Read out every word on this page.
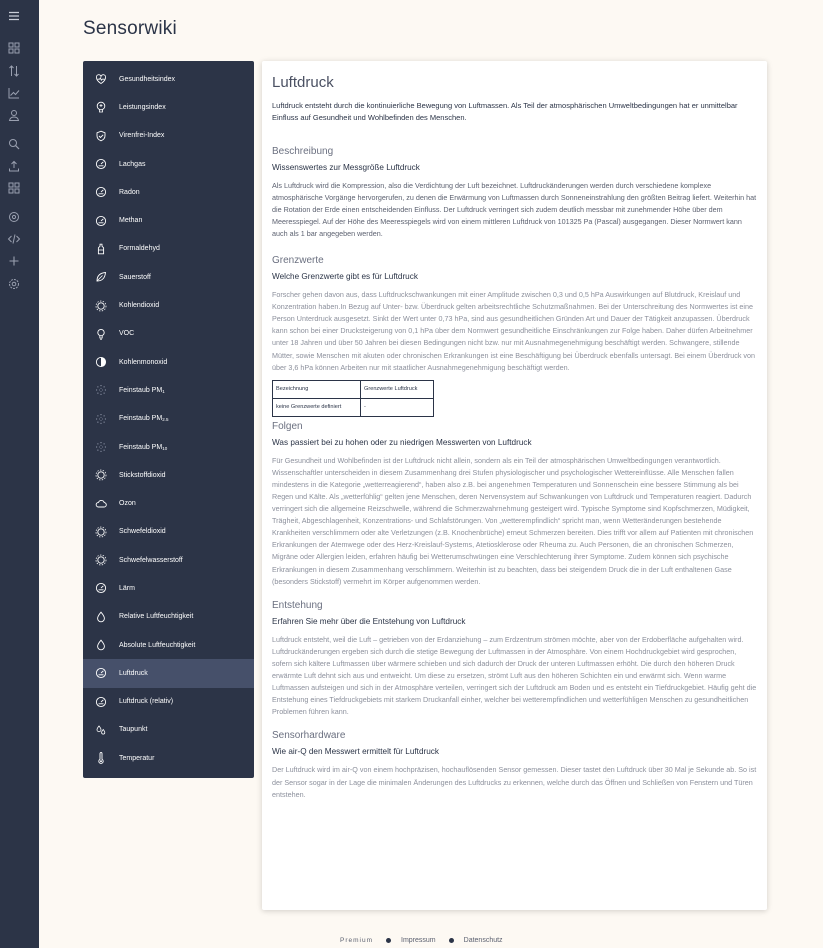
Sensorwiki
Gesundheitsindex
Leistungsindex
Virenfrei-Index
Lachgas
Radon
Methan
Formaldehyd
Sauerstoff
Kohlendioxid
VOC
Kohlenmonoxid
Feinstaub $PM_1$
Feinstaub $PM_{2.5}$
Feinstaub $PM_{10}$
Stickstoffdioxid
Ozon
Schwefeldioxid
Schwefelwasserstoff
Lärm
Relative Luftfeuchtigkeit
Absolute Luftfeuchtigkeit
Luftdruck
Luftdruck (relativ)
Taupunkt
Temperatur
Luftdruck

Luftdruck entsteht durch die kontinuierliche Bewegung von Luftmassen. Als Teil der atmosphärischen Umweltbedingungen hat er unmittelbar Einfluss auf Gesundheit und Wohlbefinden des Menschen.

Beschreibung
Wissenswertes zur Messgröße Luftdruck

Als Luftdruck wird die Kompression, also die Verdichtung der Luft bezeichnet. Luftdruckänderungen werden durch verschiedene komplexe atmosphärische Vorgänge hervorgerufen, zu denen die Erwärmung von Luftmassen durch Sonneneinstrahlung den größten Beitrag liefert. Weiterhin hat die Rotation der Erde einen entscheidenden Einfluss. Der Luftdruck verringert sich zudem deutlich messbar mit zunehmender Höhe über dem Meeresspiegel. Auf der Höhe des Meeresspiegels wird von einem mittleren Luftdruck von 101325 Pa (Pascal) ausgegangen. Dieser Normwert kann auch als 1 bar angegeben werden.

Grenzwerte
Welche Grenzwerte gibt es für Luftdruck

Forscher gehen davon aus, dass Luftdruckschwankungen mit einer Amplitude zwischen 0,3 und 0,5 hPa Auswirkungen auf Blutdruck, Kreislauf und Konzentration haben.In Bezug auf Unter- bzw. Überdruck gelten arbeitsrechtliche Schutzmaßnahmen. Bei der Unterschreitung des Normwertes ist eine Person Unterdruck ausgesetzt. Sinkt der Wert unter 0,73 hPa, sind aus gesundheitlichen Gründen Art und Dauer der Tätigkeit anzupassen. Überdruck kann schon bei einer Drucksteigerung von 0,1 hPa über dem Normwert gesundheitliche Einschränkungen zur Folge haben. Daher dürfen Arbeitnehmer unter 18 Jahren und über 50 Jahren bei diesen Bedingungen nicht bzw. nur mit Ausnahmegenehmigung beschäftigt werden. Schwangere, stillende Mütter, sowie Menschen mit akuten oder chronischen Erkrankungen ist eine Beschäftigung bei Überdruck ebenfalls untersagt. Bei einem Überdruck von über 3,6 hPa können Arbeiten nur mit staatlicher Ausnahmegenehmigung beschäftigt werden.

Bezeichnung	Grenzwerte Luftdruck
keine Grenzwerte definiert	-
Folgen
Was passiert bei zu hohen oder zu niedrigen Messwerten von Luftdruck

Für Gesundheit und Wohlbefinden ist der Luftdruck nicht allein, sondern als ein Teil der atmosphärischen Umweltbedingungen verantwortlich. Wissenschaftler unterscheiden in diesem Zusammenhang drei Stufen physiologischer und psychologischer Wettereinflüsse. Alle Menschen fallen mindestens in die Kategorie „wetterreagierend“, haben also z.B. bei angenehmen Temperaturen und Sonnenschein eine bessere Stimmung als bei Regen und Kälte. Als „wetterfühlig“ gelten jene Menschen, deren Nervensystem auf Schwankungen von Luftdruck und Temperaturen reagiert. Dadurch verringert sich die allgemeine Reizschwelle, während die Schmerzwahrnehmung gesteigert wird. Typische Symptome sind Kopfschmerzen, Müdigkeit, Trägheit, Abgeschlagenheit, Konzentrations- und Schlafstörungen. Von „wetterempfindlich“ spricht man, wenn Wetteränderungen bestehende Krankheiten verschlimmern oder alte Verletzungen (z.B. Knochenbrüche) erneut Schmerzen bereiten. Dies trifft vor allem auf Patienten mit chronischen Erkrankungen der Atemwege oder des Herz-Kreislauf-Systems, Atetiosklerose oder Rheuma zu. Auch Personen, die an chronischen Schmerzen, Migräne oder Allergien leiden, erfahren häufig bei Wetterumschwüngen eine Verschlechterung ihrer Symptome. Zudem können sich psychische Erkrankungen in diesem Zusammenhang verschlimmern. Weiterhin ist zu beachten, dass bei steigendem Druck die in der Luft enthaltenen Gase (besonders Stickstoff) vermehrt im Körper aufgenommen werden.

Entstehung
Erfahren Sie mehr über die Entstehung von Luftdruck

Luftdruck entsteht, weil die Luft – getrieben von der Erdanziehung – zum Erdzentrum strömen möchte, aber von der Erdoberfläche aufgehalten wird. Luftdruckänderungen ergeben sich durch die stetige Bewegung der Luftmassen in der Atmosphäre. Von einem Hochdruckgebiet wird gesprochen, sofern sich kältere Luftmassen über wärmere schieben und sich dadurch der Druck der unteren Luftmassen erhöht. Die durch den höheren Druck erwärmte Luft dehnt sich aus und entweicht. Um diese zu ersetzen, strömt Luft aus den höheren Schichten ein und erwärmt sich. Wenn warme Luftmassen aufsteigen und sich in der Atmosphäre verteilen, verringert sich der Luftdruck am Boden und es entsteht ein Tiefdruckgebiet. Häufig geht die Entstehung eines Tiefdruckgebiets mit starkem Druckanfall einher, welcher bei wetterempfindlichen und wetterfühligen Menschen zu gesundheitlichen Problemen führen kann.

Sensorhardware
Wie air-Q den Messwert ermittelt für Luftdruck

Der Luftdruck wird im air-Q von einem hochpräzisen, hochauflösenden Sensor gemessen. Dieser tastet den Luftdruck über 30 Mal je Sekunde ab. So ist der Sensor sogar in der Lage die minimalen Änderungen des Luftdrucks zu erkennen, welche durch das Öffnen und Schließen von Fenstern und Türen entstehen.

Premium	Impressum	Datenschutz
